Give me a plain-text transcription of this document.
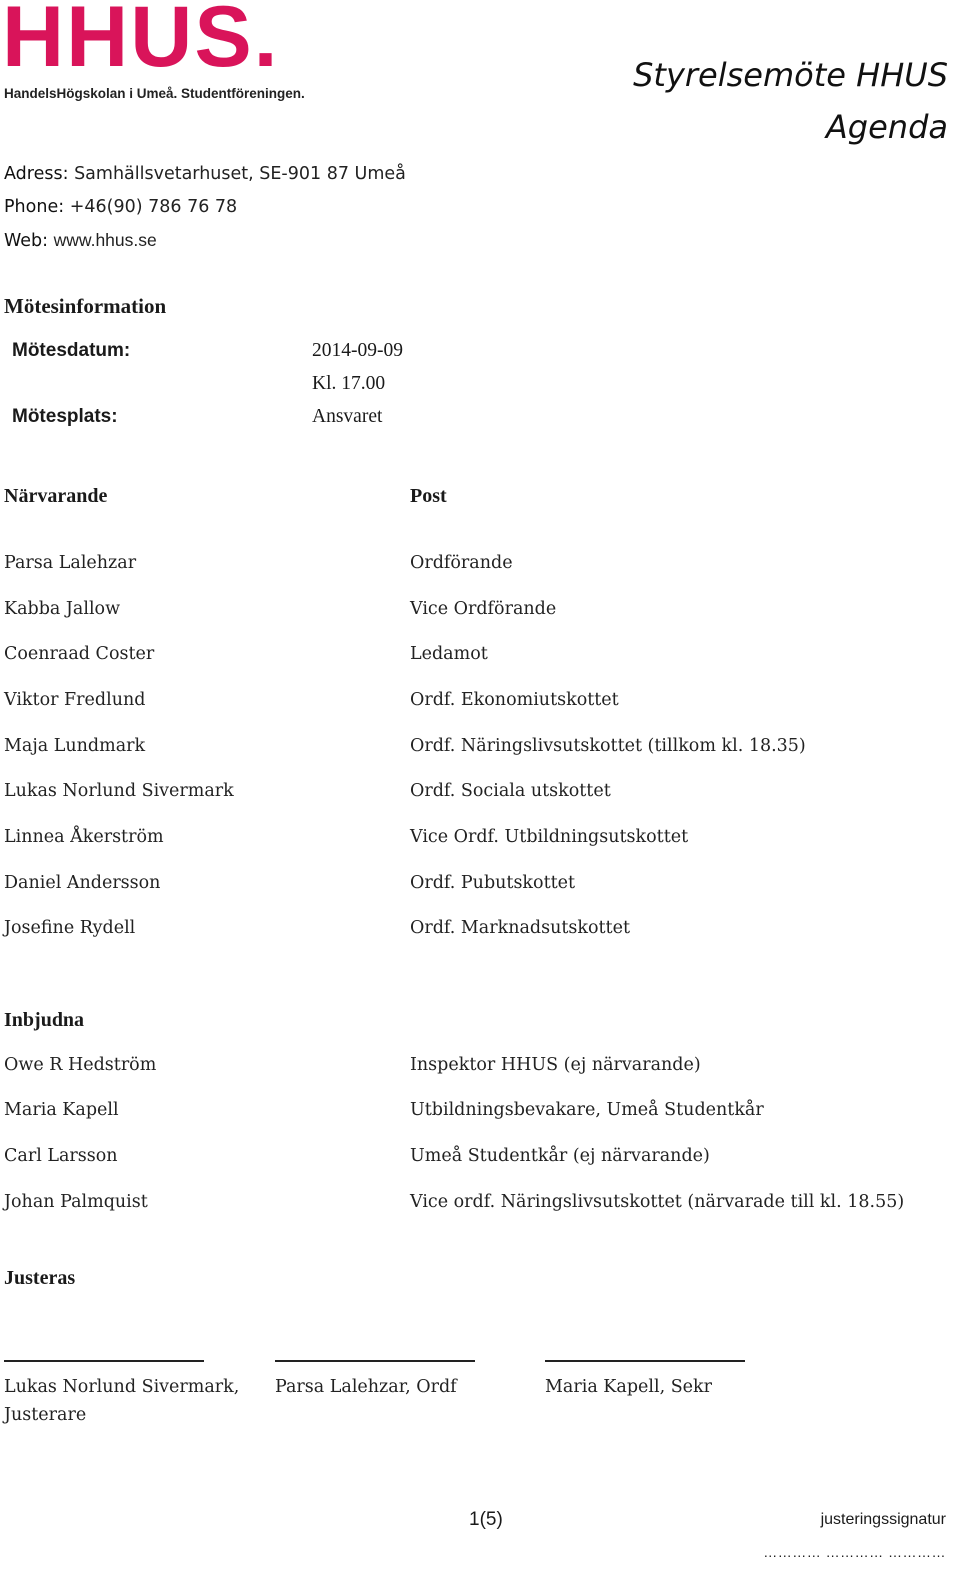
HHUS.
HandelsHögskolan i Umeå. Studentföreningen.	Styrelsemöte HHUS
Agenda
Adress: Samhällsvetarhuset, SE-901 87 Umeå
Phone: +46(90) 786 76 78
Web: www.hhus.se
Mötesinformation
Mötesdatum:	2014-09-09
Kl. 17.00
Mötesplats:	Ansvaret
Närvarande	Post
Parsa Lalehzar	Ordförande
Kabba Jallow	Vice Ordförande
Coenraad Coster	Ledamot
Viktor Fredlund	Ordf. Ekonomiutskottet
Maja Lundmark	Ordf. Näringslivsutskottet (tillkom kl. 18.35)
Lukas Norlund Sivermark	Ordf. Sociala utskottet
Linnea Åkerström	Vice Ordf. Utbildningsutskottet
Daniel Andersson	Ordf. Pubutskottet
Josefine Rydell	Ordf. Marknadsutskottet
Inbjudna
Owe R Hedström	Inspektor HHUS (ej närvarande)
Maria Kapell	Utbildningsbevakare, Umeå Studentkår
Carl Larsson	Umeå Studentkår (ej närvarande)
Johan Palmquist	Vice ordf. Näringslivsutskottet (närvarade till kl. 18.55)
Justeras
Lukas Norlund Sivermark,
Justerare
Parsa Lalehzar, Ordf	Maria Kapell, Sekr
1(5)	justeringssignatur
………… ………… …………
